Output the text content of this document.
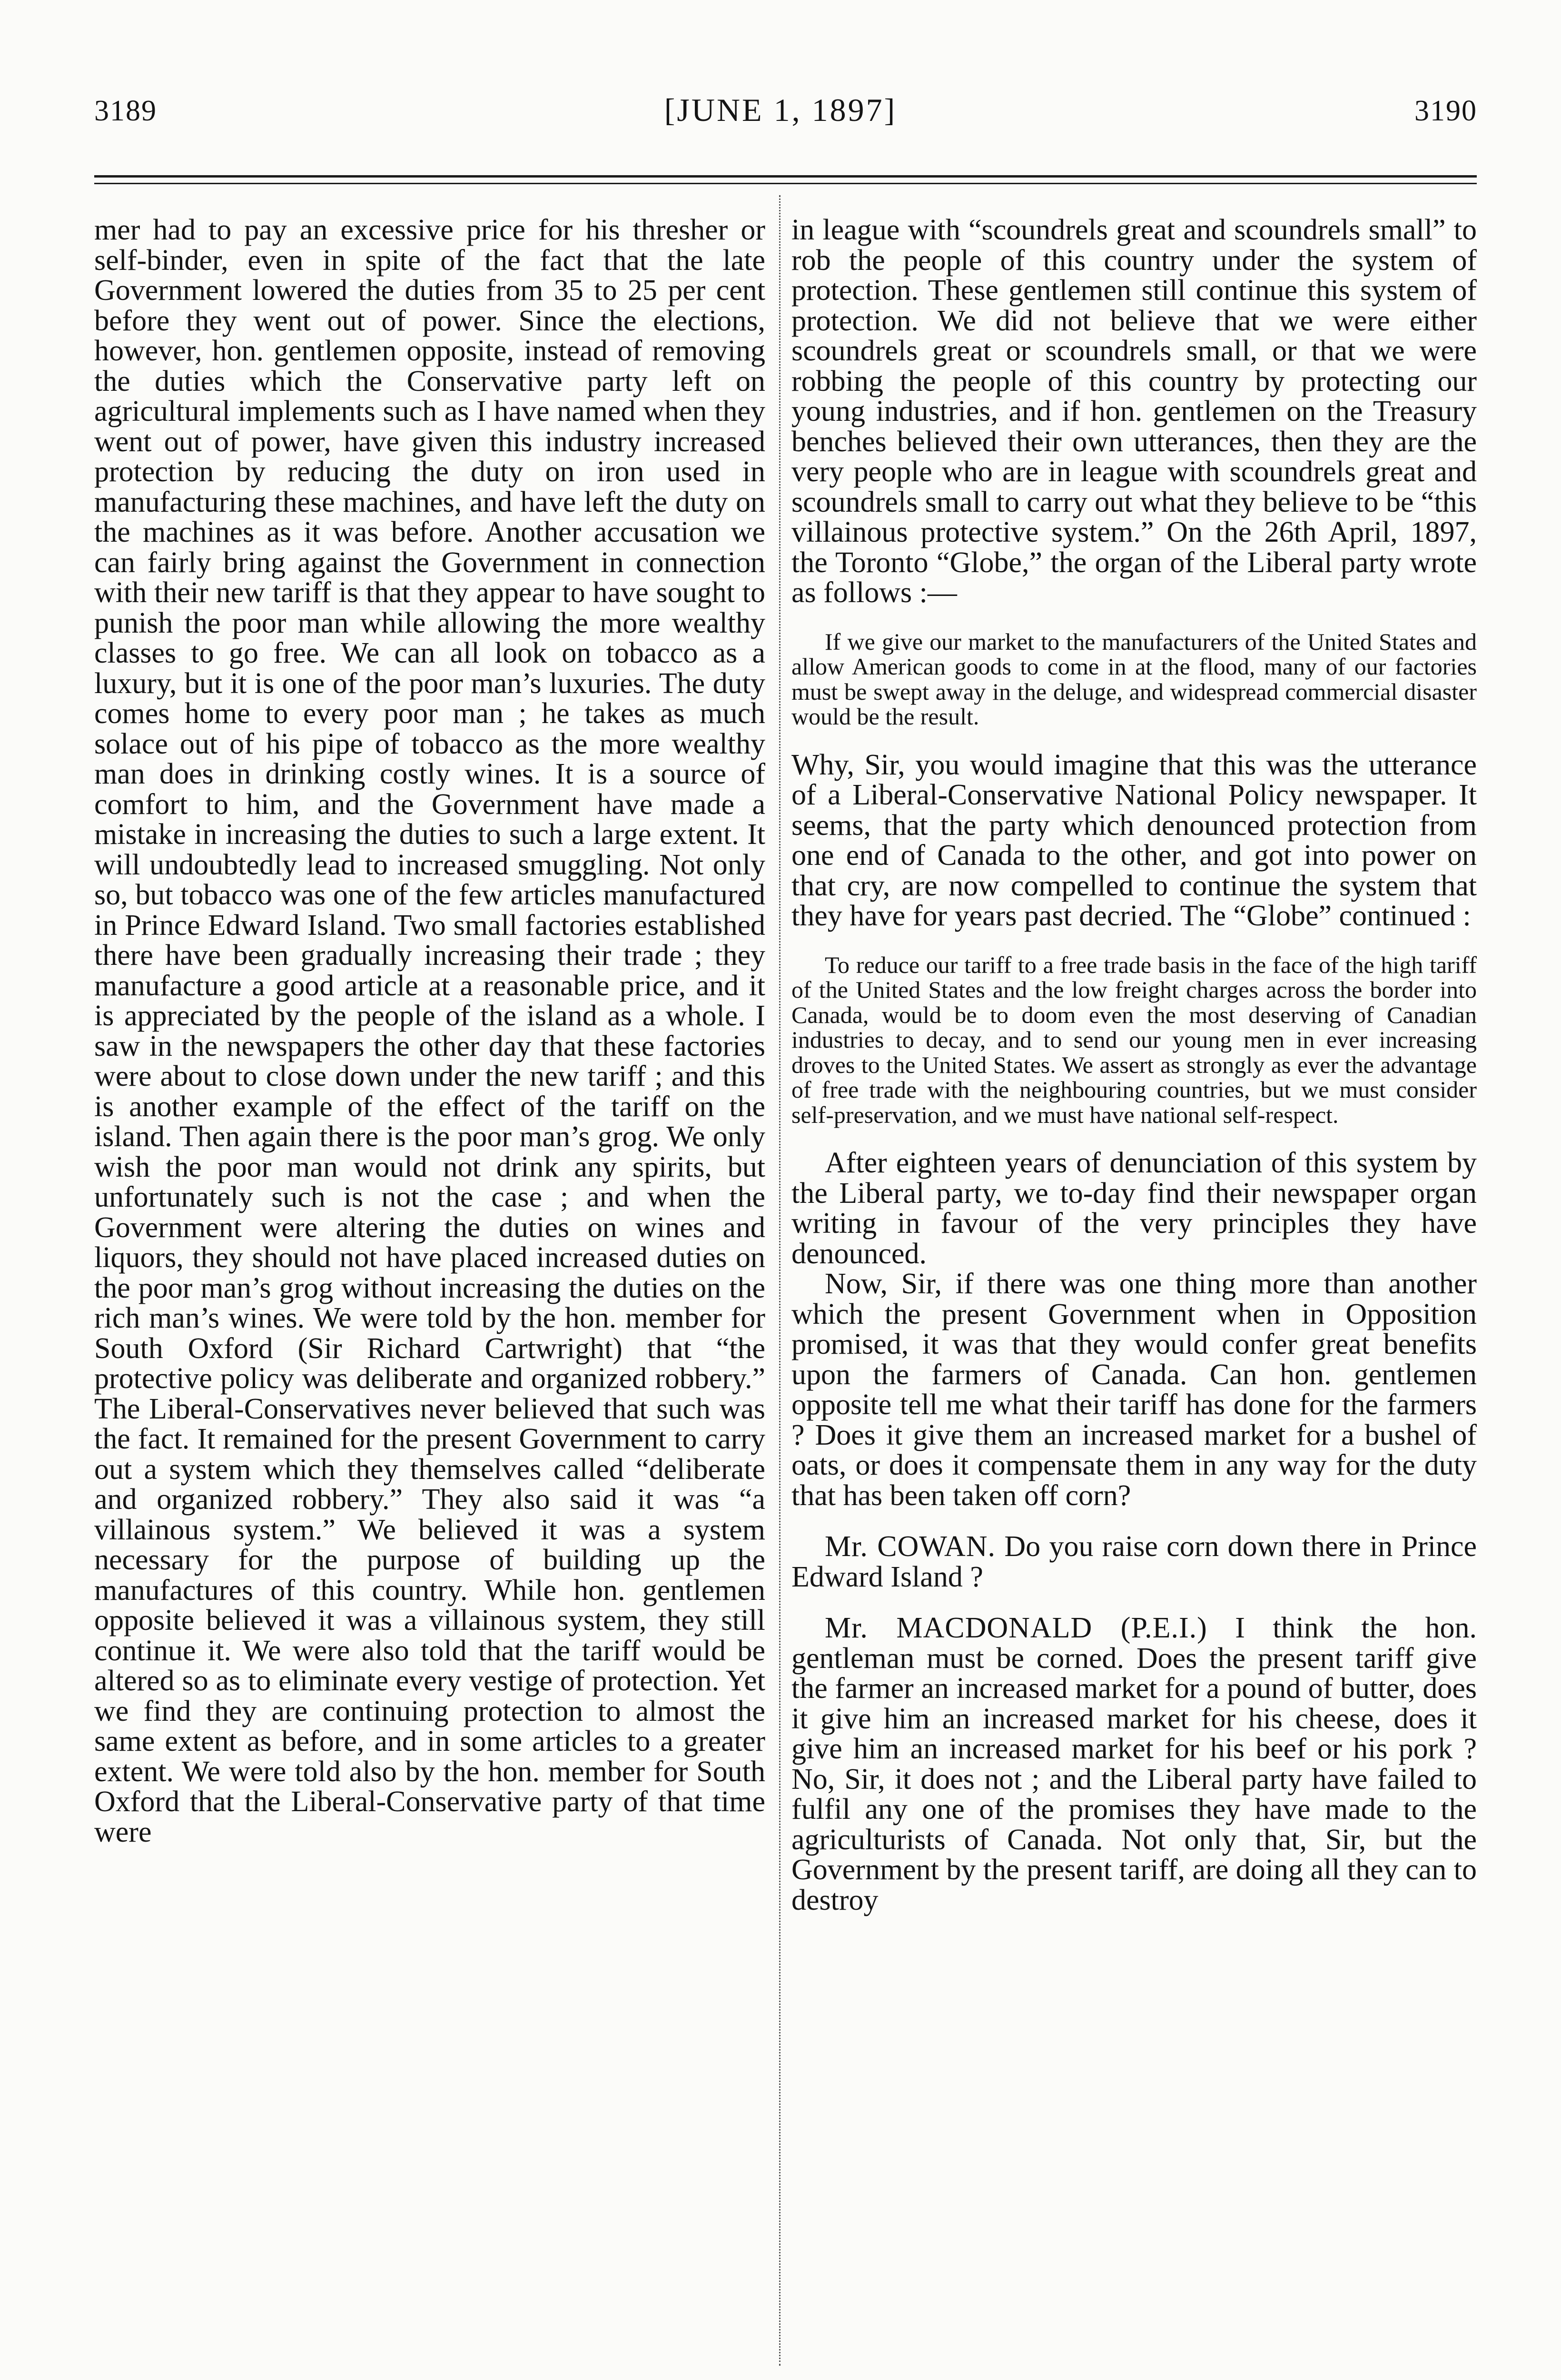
3189	[JUNE 1, 1897]	3190

mer had to pay an excessive price for his thresher or self-binder, even in spite of the fact that the late Government lowered the duties from 35 to 25 per cent before they went out of power. Since the elections, however, hon. gentlemen opposite, instead of removing the duties which the Conservative party left on agricultural implements such as I have named when they went out of power, have given this industry increased protection by reducing the duty on iron used in manufacturing these machines, and have left the duty on the machines as it was before. Another accusation we can fairly bring against the Government in connection with their new tariff is that they appear to have sought to punish the poor man while allowing the more wealthy classes to go free. We can all look on tobacco as a luxury, but it is one of the poor man’s luxuries. The duty comes home to every poor man ; he takes as much solace out of his pipe of tobacco as the more wealthy man does in drinking costly wines. It is a source of comfort to him, and the Government have made a mistake in increasing the duties to such a large extent. It will undoubtedly lead to increased smuggling. Not only so, but tobacco was one of the few articles manufactured in Prince Edward Island. Two small factories established there have been gradually increasing their trade ; they manufacture a good article at a reasonable price, and it is appreciated by the people of the island as a whole. I saw in the newspapers the other day that these factories were about to close down under the new tariff ; and this is another example of the effect of the tariff on the island. Then again there is the poor man’s grog. We only wish the poor man would not drink any spirits, but unfortunately such is not the case ; and when the Government were altering the duties on wines and liquors, they should not have placed increased duties on the poor man’s grog without increasing the duties on the rich man’s wines. We were told by the hon. member for South Oxford (Sir Richard Cartwright) that “the protective policy was deliberate and organized robbery.” The Liberal-Conservatives never believed that such was the fact. It remained for the present Government to carry out a system which they themselves called “deliberate and organized robbery.” They also said it was “a villainous system.” We believed it was a system necessary for the purpose of building up the manufactures of this country. While hon. gentlemen opposite believed it was a villainous system, they still continue it. We were also told that the tariff would be altered so as to eliminate every vestige of protection. Yet we find they are continuing protection to almost the same extent as before, and in some articles to a greater extent. We were told also by the hon. member for South Oxford that the Liberal-Conservative party of that time were

in league with “scoundrels great and scoundrels small” to rob the people of this country under the system of protection. These gentlemen still continue this system of protection. We did not believe that we were either scoundrels great or scoundrels small, or that we were robbing the people of this country by protecting our young industries, and if hon. gentlemen on the Treasury benches believed their own utterances, then they are the very people who are in league with scoundrels great and scoundrels small to carry out what they believe to be “this villainous protective system.” On the 26th April, 1897, the Toronto “Globe,” the organ of the Liberal party wrote as follows :—

If we give our market to the manufacturers of the United States and allow American goods to come in at the flood, many of our factories must be swept away in the deluge, and widespread commercial disaster would be the result.

Why, Sir, you would imagine that this was the utterance of a Liberal-Conservative National Policy newspaper. It seems, that the party which denounced protection from one end of Canada to the other, and got into power on that cry, are now compelled to continue the system that they have for years past decried. The “Globe” continued :

To reduce our tariff to a free trade basis in the face of the high tariff of the United States and the low freight charges across the border into Canada, would be to doom even the most deserving of Canadian industries to decay, and to send our young men in ever increasing droves to the United States. We assert as strongly as ever the advantage of free trade with the neighbouring countries, but we must consider self-preservation, and we must have national self-respect.

After eighteen years of denunciation of this system by the Liberal party, we to-day find their newspaper organ writing in favour of the very principles they have denounced.

Now, Sir, if there was one thing more than another which the present Government when in Opposition promised, it was that they would confer great benefits upon the farmers of Canada. Can hon. gentlemen opposite tell me what their tariff has done for the farmers ? Does it give them an increased market for a bushel of oats, or does it compensate them in any way for the duty that has been taken off corn?

Mr. COWAN. Do you raise corn down there in Prince Edward Island ?

Mr. MACDONALD (P.E.I.) I think the hon. gentleman must be corned. Does the present tariff give the farmer an increased market for a pound of butter, does it give him an increased market for his cheese, does it give him an increased market for his beef or his pork ? No, Sir, it does not ; and the Liberal party have failed to fulfil any one of the promises they have made to the agriculturists of Canada. Not only that, Sir, but the Government by the present tariff, are doing all they can to destroy
